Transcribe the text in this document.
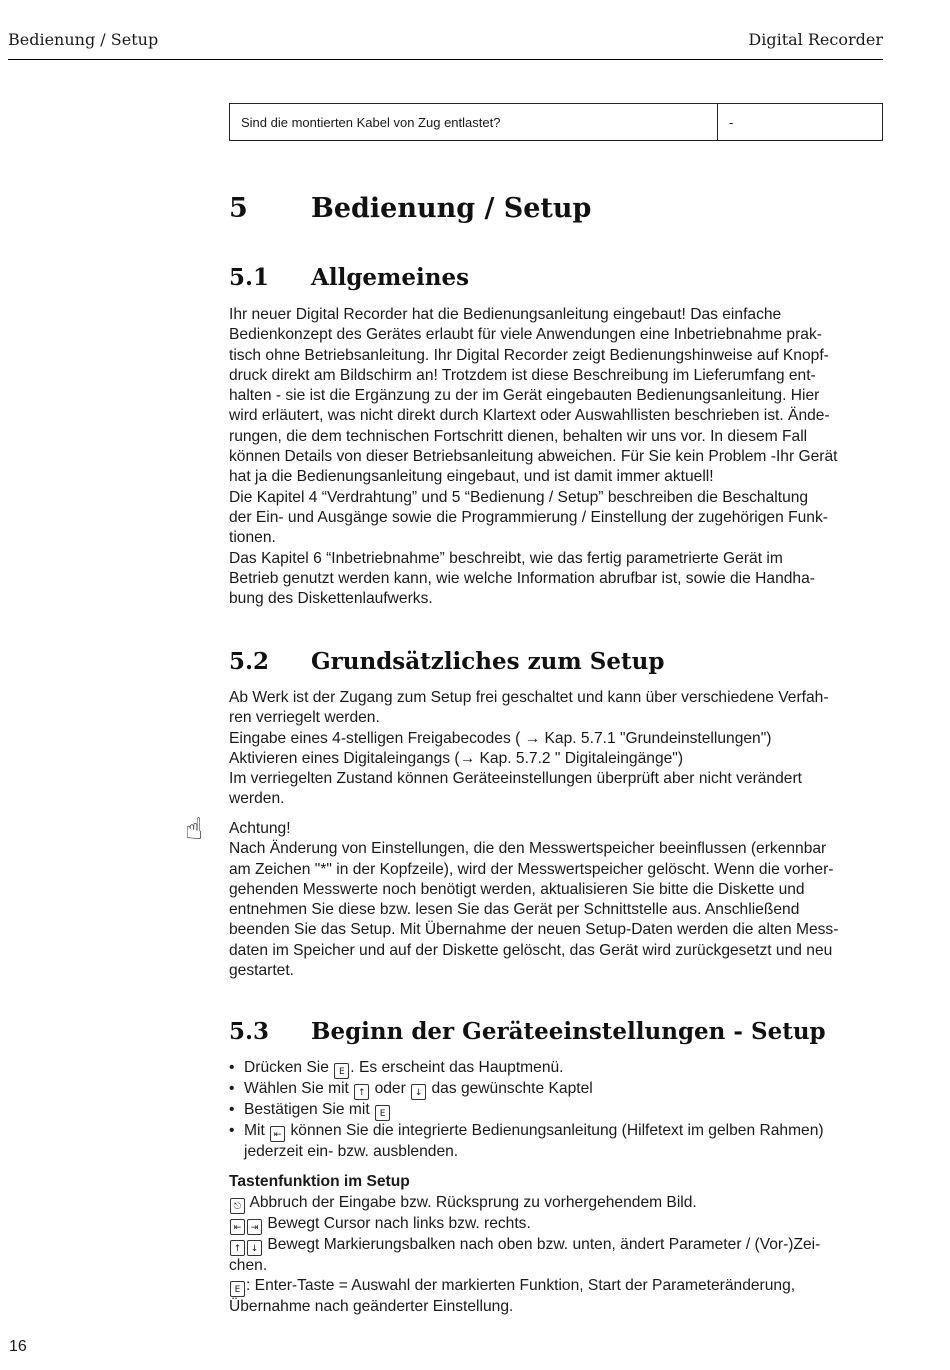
Bedienung / Setup	Digital Recorder
Sind die montierten Kabel von Zug entlastet?	-
5 Bedienung / Setup
5.1 Allgemeines

Ihr neuer Digital Recorder hat die Bedienungsanleitung eingebaut! Das einfache

Bedienkonzept des Gerätes erlaubt für viele Anwendungen eine Inbetriebnahme prak-

tisch ohne Betriebsanleitung. Ihr Digital Recorder zeigt Bedienungshinweise auf Knopf-

druck direkt am Bildschirm an! Trotzdem ist diese Beschreibung im Lieferumfang ent-

halten - sie ist die Ergänzung zu der im Gerät eingebauten Bedienungsanleitung. Hier

wird erläutert, was nicht direkt durch Klartext oder Auswahllisten beschrieben ist. Ände-

rungen, die dem technischen Fortschritt dienen, behalten wir uns vor. In diesem Fall

können Details von dieser Betriebsanleitung abweichen. Für Sie kein Problem -Ihr Gerät

hat ja die Bedienungsanleitung eingebaut, und ist damit immer aktuell!

Die Kapitel 4 “Verdrahtung” und 5 “Bedienung / Setup” beschreiben die Beschaltung

der Ein- und Ausgänge sowie die Programmierung / Einstellung der zugehörigen Funk-

tionen.

Das Kapitel 6 “Inbetriebnahme” beschreibt, wie das fertig parametrierte Gerät im

Betrieb genutzt werden kann, wie welche Information abrufbar ist, sowie die Handha-

bung des Diskettenlaufwerks.

5.2 Grundsätzliches zum Setup

Ab Werk ist der Zugang zum Setup frei geschaltet und kann über verschiedene Verfah-

ren verriegelt werden.

Eingabe eines 4-stelligen Freigabecodes ( → Kap. 5.7.1 "Grundeinstellungen")

Aktivieren eines Digitaleingangs (→ Kap. 5.7.2 " Digitaleingänge")

Im verriegelten Zustand können Geräteeinstellungen überprüft aber nicht verändert

werden.

☝ Achtung!

Nach Änderung von Einstellungen, die den Messwertspeicher beeinflussen (erkennbar

am Zeichen "*" in der Kopfzeile), wird der Messwertspeicher gelöscht. Wenn die vorher-

gehenden Messwerte noch benötigt werden, aktualisieren Sie bitte die Diskette und

entnehmen Sie diese bzw. lesen Sie das Gerät per Schnittstelle aus. Anschließend

beenden Sie das Setup. Mit Übernahme der neuen Setup-Daten werden die alten Mess-

daten im Speicher und auf der Diskette gelöscht, das Gerät wird zurückgesetzt und neu

gestartet.

5.3 Beginn der Geräteeinstellungen - Setup
• Drücken Sie E . Es erscheint das Hauptmenü.
• Wählen Sie mit ↑ oder ↓ das gewünschte Kaptel
• Bestätigen Sie mit E
• Mit ⇤ können Sie die integrierte Bedienungsanleitung (Hilfetext im gelben Rahmen)
jederzeit ein- bzw. ausblenden.

Tastenfunktion im Setup

⎋ Abbruch der Eingabe bzw. Rücksprung zu vorhergehendem Bild.

⇤ ⇥ Bewegt Cursor nach links bzw. rechts.

↑ ↓ Bewegt Markierungsbalken nach oben bzw. unten, ändert Parameter / (Vor-)Zei-

chen.

E : Enter-Taste = Auswahl der markierten Funktion, Start der Parameteränderung,

Übernahme nach geänderter Einstellung.

16
